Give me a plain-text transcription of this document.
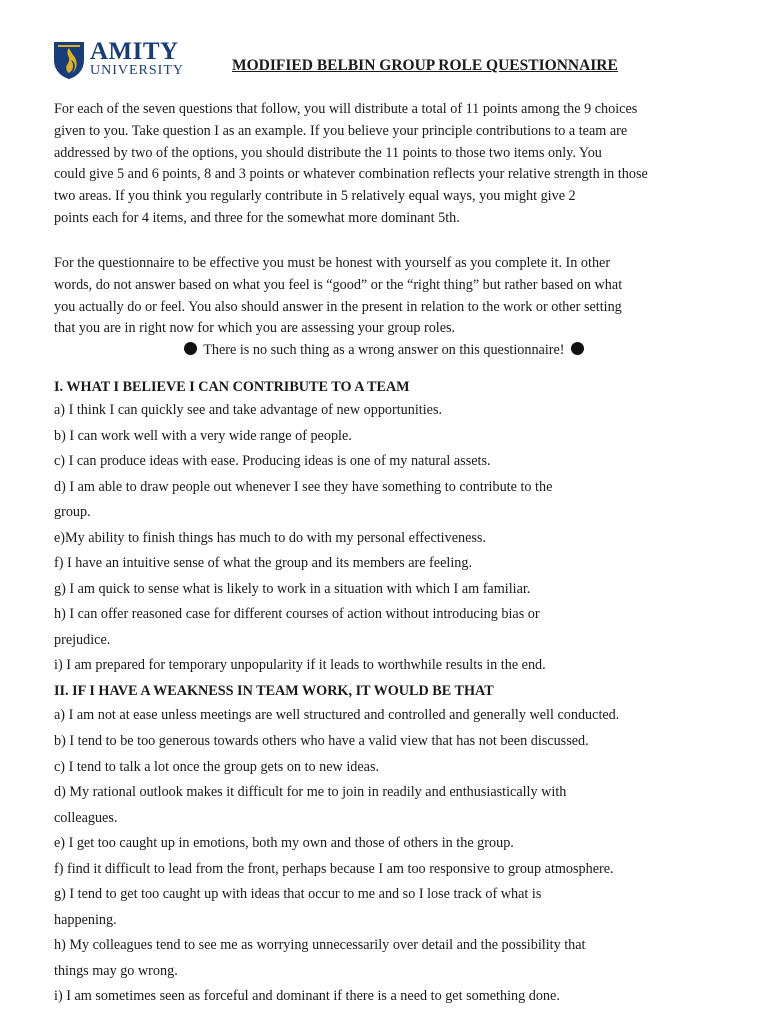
AMITY
UNIVERSITY	MODIFIED BELBIN GROUP ROLE QUESTIONNAIRE
For each of the seven questions that follow, you will distribute a total of 11 points among the 9 choices
given to you. Take question I as an example. If you believe your principle contributions to a team are
addressed by two of the options, you should distribute the 11 points to those two items only. You
could give 5 and 6 points, 8 and 3 points or whatever combination reflects your relative strength in those
two areas. If you think you regularly contribute in 5 relatively equal ways, you might give 2
points each for 4 items, and three for the somewhat more dominant 5th.
For the questionnaire to be effective you must be honest with yourself as you complete it. In other
words, do not answer based on what you feel is “good” or the “right thing” but rather based on what
you actually do or feel. You also should answer in the present in relation to the work or other setting
that you are in right now for which you are assessing your group roles.
There is no such thing as a wrong answer on this questionnaire!
I. WHAT I BELIEVE I CAN CONTRIBUTE TO A TEAM
a) I think I can quickly see and take advantage of new opportunities.
b) I can work well with a very wide range of people.
c) I can produce ideas with ease. Producing ideas is one of my natural assets.
d) I am able to draw people out whenever I see they have something to contribute to the
group.
e)My ability to finish things has much to do with my personal effectiveness.
f) I have an intuitive sense of what the group and its members are feeling.
g) I am quick to sense what is likely to work in a situation with which I am familiar.
h) I can offer reasoned case for different courses of action without introducing bias or
prejudice.
i) I am prepared for temporary unpopularity if it leads to worthwhile results in the end.
II. IF I HAVE A WEAKNESS IN TEAM WORK, IT WOULD BE THAT
a) I am not at ease unless meetings are well structured and controlled and generally well conducted.
b) I tend to be too generous towards others who have a valid view that has not been discussed.
c) I tend to talk a lot once the group gets on to new ideas.
d) My rational outlook makes it difficult for me to join in readily and enthusiastically with
colleagues.
e) I get too caught up in emotions, both my own and those of others in the group.
f) find it difficult to lead from the front, perhaps because I am too responsive to group atmosphere.
g) I tend to get too caught up with ideas that occur to me and so I lose track of what is
happening.
h) My colleagues tend to see me as worrying unnecessarily over detail and the possibility that
things may go wrong.
i) I am sometimes seen as forceful and dominant if there is a need to get something done.
